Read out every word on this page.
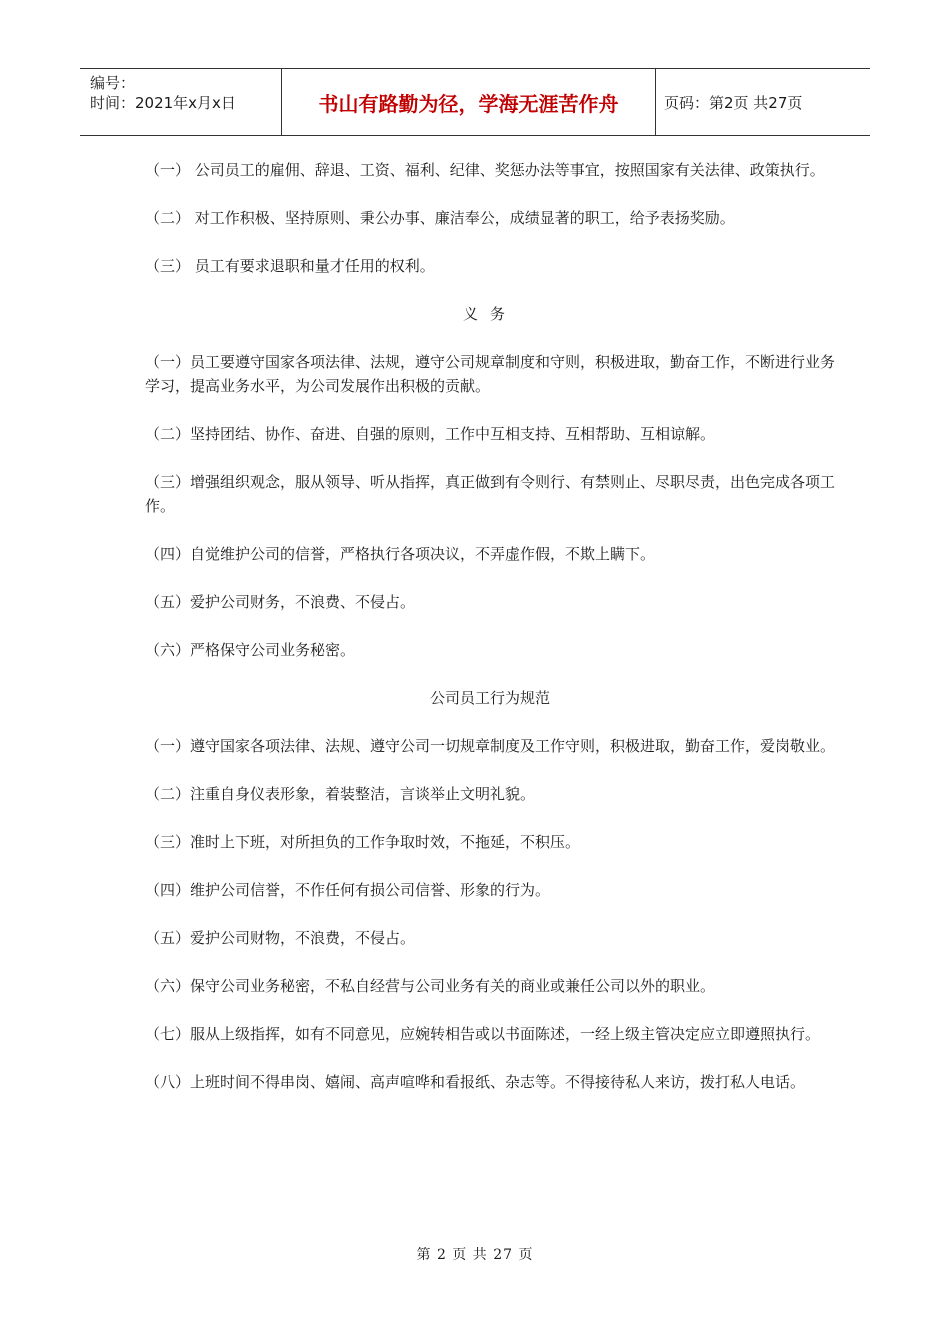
编号：
时间：2021年x月x日	书山有路勤为径，学海无涯苦作舟	页码：第2页 共27页

（一） 公司员工的雇佣、辞退、工资、福利、纪律、奖惩办法等事宜，按照国家有关法律、政策执行。

（二） 对工作积极、坚持原则、秉公办事、廉洁奉公，成绩显著的职工，给予表扬奖励。

（三） 员工有要求退职和量才任用的权利。

义务

（一）员工要遵守国家各项法律、法规，遵守公司规章制度和守则，积极进取，勤奋工作，不断进行业务学习，提高业务水平，为公司发展作出积极的贡献。

（二）坚持团结、协作、奋进、自强的原则，工作中互相支持、互相帮助、互相谅解。

（三）增强组织观念，服从领导、听从指挥，真正做到有令则行、有禁则止、尽职尽责，出色完成各项工作。

（四）自觉维护公司的信誉，严格执行各项决议，不弄虚作假，不欺上瞒下。

（五）爱护公司财务，不浪费、不侵占。

（六）严格保守公司业务秘密。

公司员工行为规范

（一）遵守国家各项法律、法规、遵守公司一切规章制度及工作守则，积极进取，勤奋工作，爱岗敬业。

（二）注重自身仪表形象，着装整洁，言谈举止文明礼貌。

（三）准时上下班，对所担负的工作争取时效，不拖延，不积压。

（四）维护公司信誉，不作任何有损公司信誉、形象的行为。

（五）爱护公司财物，不浪费，不侵占。

（六）保守公司业务秘密，不私自经营与公司业务有关的商业或兼任公司以外的职业。

（七）服从上级指挥，如有不同意见，应婉转相告或以书面陈述，一经上级主管决定应立即遵照执行。

（八）上班时间不得串岗、嬉闹、高声喧哗和看报纸、杂志等。不得接待私人来访，拨打私人电话。

第 2 页 共 27 页
